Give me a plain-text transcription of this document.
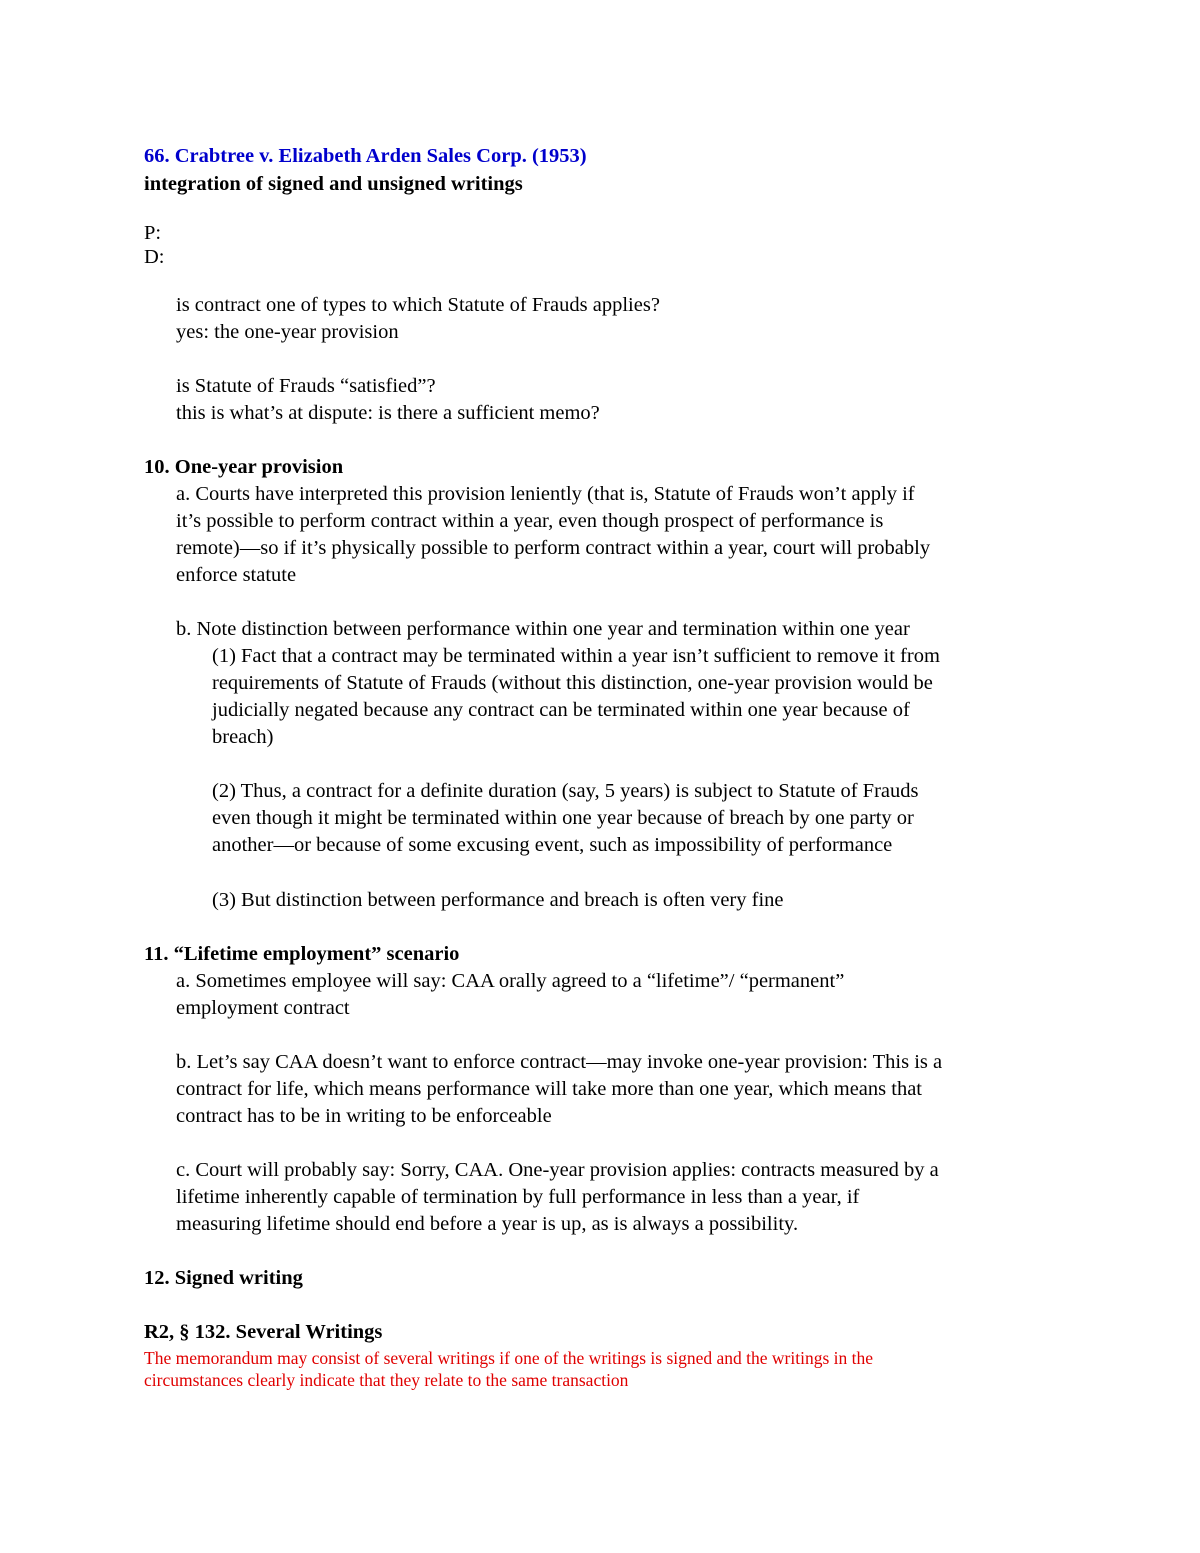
66. Crabtree v. Elizabeth Arden Sales Corp. (1953)
integration of signed and unsigned writings
P:
D:
is contract one of types to which Statute of Frauds applies?
yes: the one-year provision
is Statute of Frauds “satisfied”?
this is what’s at dispute: is there a sufficient memo?
10. One-year provision
a. Courts have interpreted this provision leniently (that is, Statute of Frauds won’t apply if
it’s possible to perform contract within a year, even though prospect of performance is
remote)—so if it’s physically possible to perform contract within a year, court will probably
enforce statute
b. Note distinction between performance within one year and termination within one year
(1) Fact that a contract may be terminated within a year isn’t sufficient to remove it from
requirements of Statute of Frauds (without this distinction, one-year provision would be
judicially negated because any contract can be terminated within one year because of
breach)
(2) Thus, a contract for a definite duration (say, 5 years) is subject to Statute of Frauds
even though it might be terminated within one year because of breach by one party or
another—or because of some excusing event, such as impossibility of performance
(3) But distinction between performance and breach is often very fine
11. “Lifetime employment” scenario
a. Sometimes employee will say: CAA orally agreed to a “lifetime”/ “permanent”
employment contract
b. Let’s say CAA doesn’t want to enforce contract—may invoke one-year provision: This is a
contract for life, which means performance will take more than one year, which means that
contract has to be in writing to be enforceable
c. Court will probably say: Sorry, CAA. One-year provision applies: contracts measured by a
lifetime inherently capable of termination by full performance in less than a year, if
measuring lifetime should end before a year is up, as is always a possibility.
12. Signed writing
R2, § 132. Several Writings
The memorandum may consist of several writings if one of the writings is signed and the writings in the
circumstances clearly indicate that they relate to the same transaction
